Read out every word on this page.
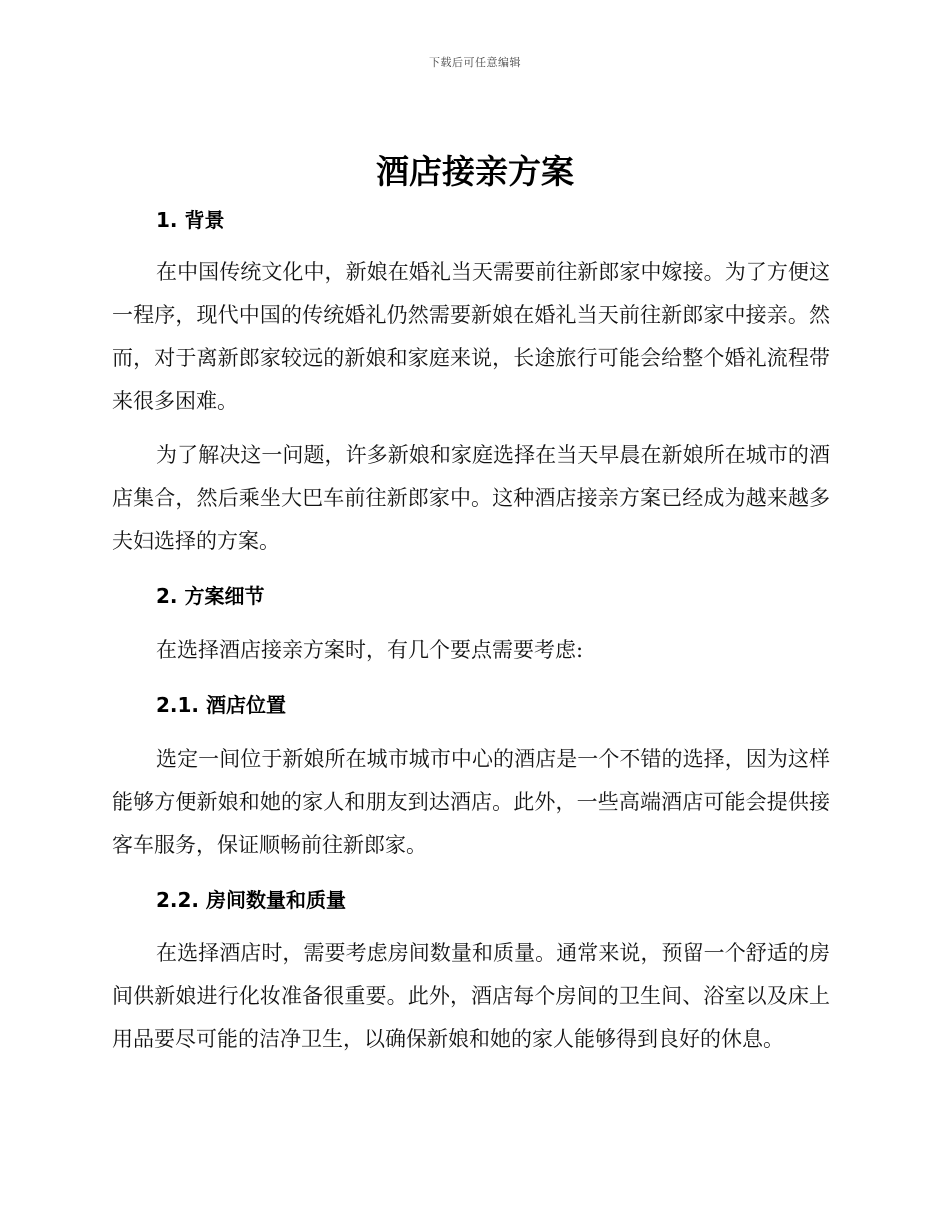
下载后可任意编辑
酒店接亲方案
1. 背景

在中国传统文化中，新娘在婚礼当天需要前往新郎家中嫁接。为了方便这一程序，现代中国的传统婚礼仍然需要新娘在婚礼当天前往新郎家中接亲。然而，对于离新郎家较远的新娘和家庭来说，长途旅行可能会给整个婚礼流程带来很多困难。

为了解决这一问题，许多新娘和家庭选择在当天早晨在新娘所在城市的酒店集合，然后乘坐大巴车前往新郎家中。这种酒店接亲方案已经成为越来越多夫妇选择的方案。

2. 方案细节

在选择酒店接亲方案时，有几个要点需要考虑:

2.1. 酒店位置

选定一间位于新娘所在城市城市中心的酒店是一个不错的选择，因为这样能够方便新娘和她的家人和朋友到达酒店。此外，一些高端酒店可能会提供接客车服务，保证顺畅前往新郎家。

2.2. 房间数量和质量

在选择酒店时，需要考虑房间数量和质量。通常来说，预留一个舒适的房间供新娘进行化妆准备很重要。此外，酒店每个房间的卫生间、浴室以及床上用品要尽可能的洁净卫生，以确保新娘和她的家人能够得到良好的休息。
